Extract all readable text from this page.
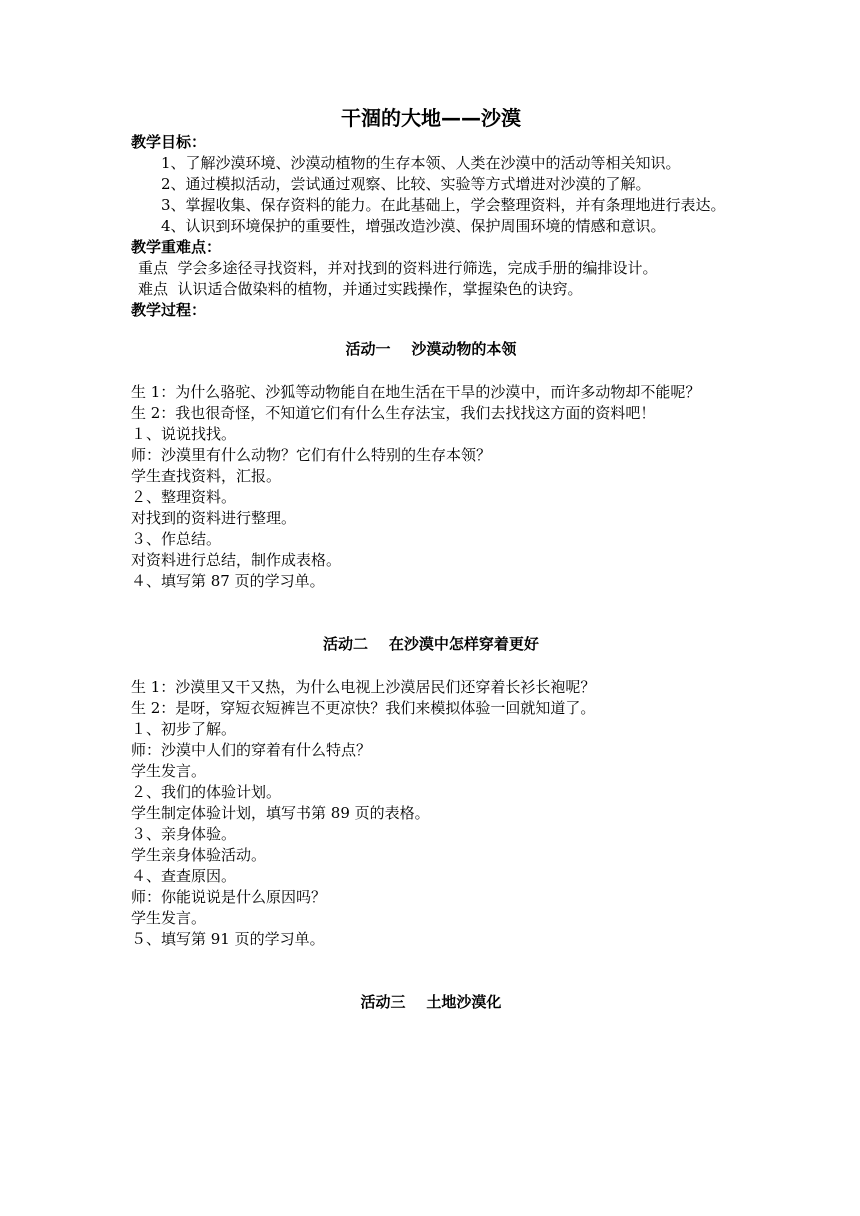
干涸的大地——沙漠

教学目标：

1、了解沙漠环境、沙漠动植物的生存本领、人类在沙漠中的活动等相关知识。

2、通过模拟活动，尝试通过观察、比较、实验等方式增进对沙漠的了解。

3、掌握收集、保存资料的能力。在此基础上，学会整理资料，并有条理地进行表达。

4、认识到环境保护的重要性，增强改造沙漠、保护周围环境的情感和意识。

教学重难点：

重点  学会多途径寻找资料，并对找到的资料进行筛选，完成手册的编排设计。

难点  认识适合做染料的植物，并通过实践操作，掌握染色的诀窍。

教学过程：

活动一    沙漠动物的本领

生 1：为什么骆驼、沙狐等动物能自在地生活在干旱的沙漠中，而许多动物却不能呢？

生 2：我也很奇怪，不知道它们有什么生存法宝，我们去找找这方面的资料吧！

１、说说找找。

师：沙漠里有什么动物？它们有什么特别的生存本领？

学生查找资料，汇报。

２、整理资料。

对找到的资料进行整理。

３、作总结。

对资料进行总结，制作成表格。

４、填写第 87 页的学习单。

活动二    在沙漠中怎样穿着更好

生 1：沙漠里又干又热，为什么电视上沙漠居民们还穿着长衫长袍呢？

生 2：是呀，穿短衣短裤岂不更凉快？我们来模拟体验一回就知道了。

１、初步了解。

师：沙漠中人们的穿着有什么特点？

学生发言。

２、我们的体验计划。

学生制定体验计划，填写书第 89 页的表格。

３、亲身体验。

学生亲身体验活动。

４、查查原因。

师：你能说说是什么原因吗？

学生发言。

５、填写第 91 页的学习单。

活动三    土地沙漠化
